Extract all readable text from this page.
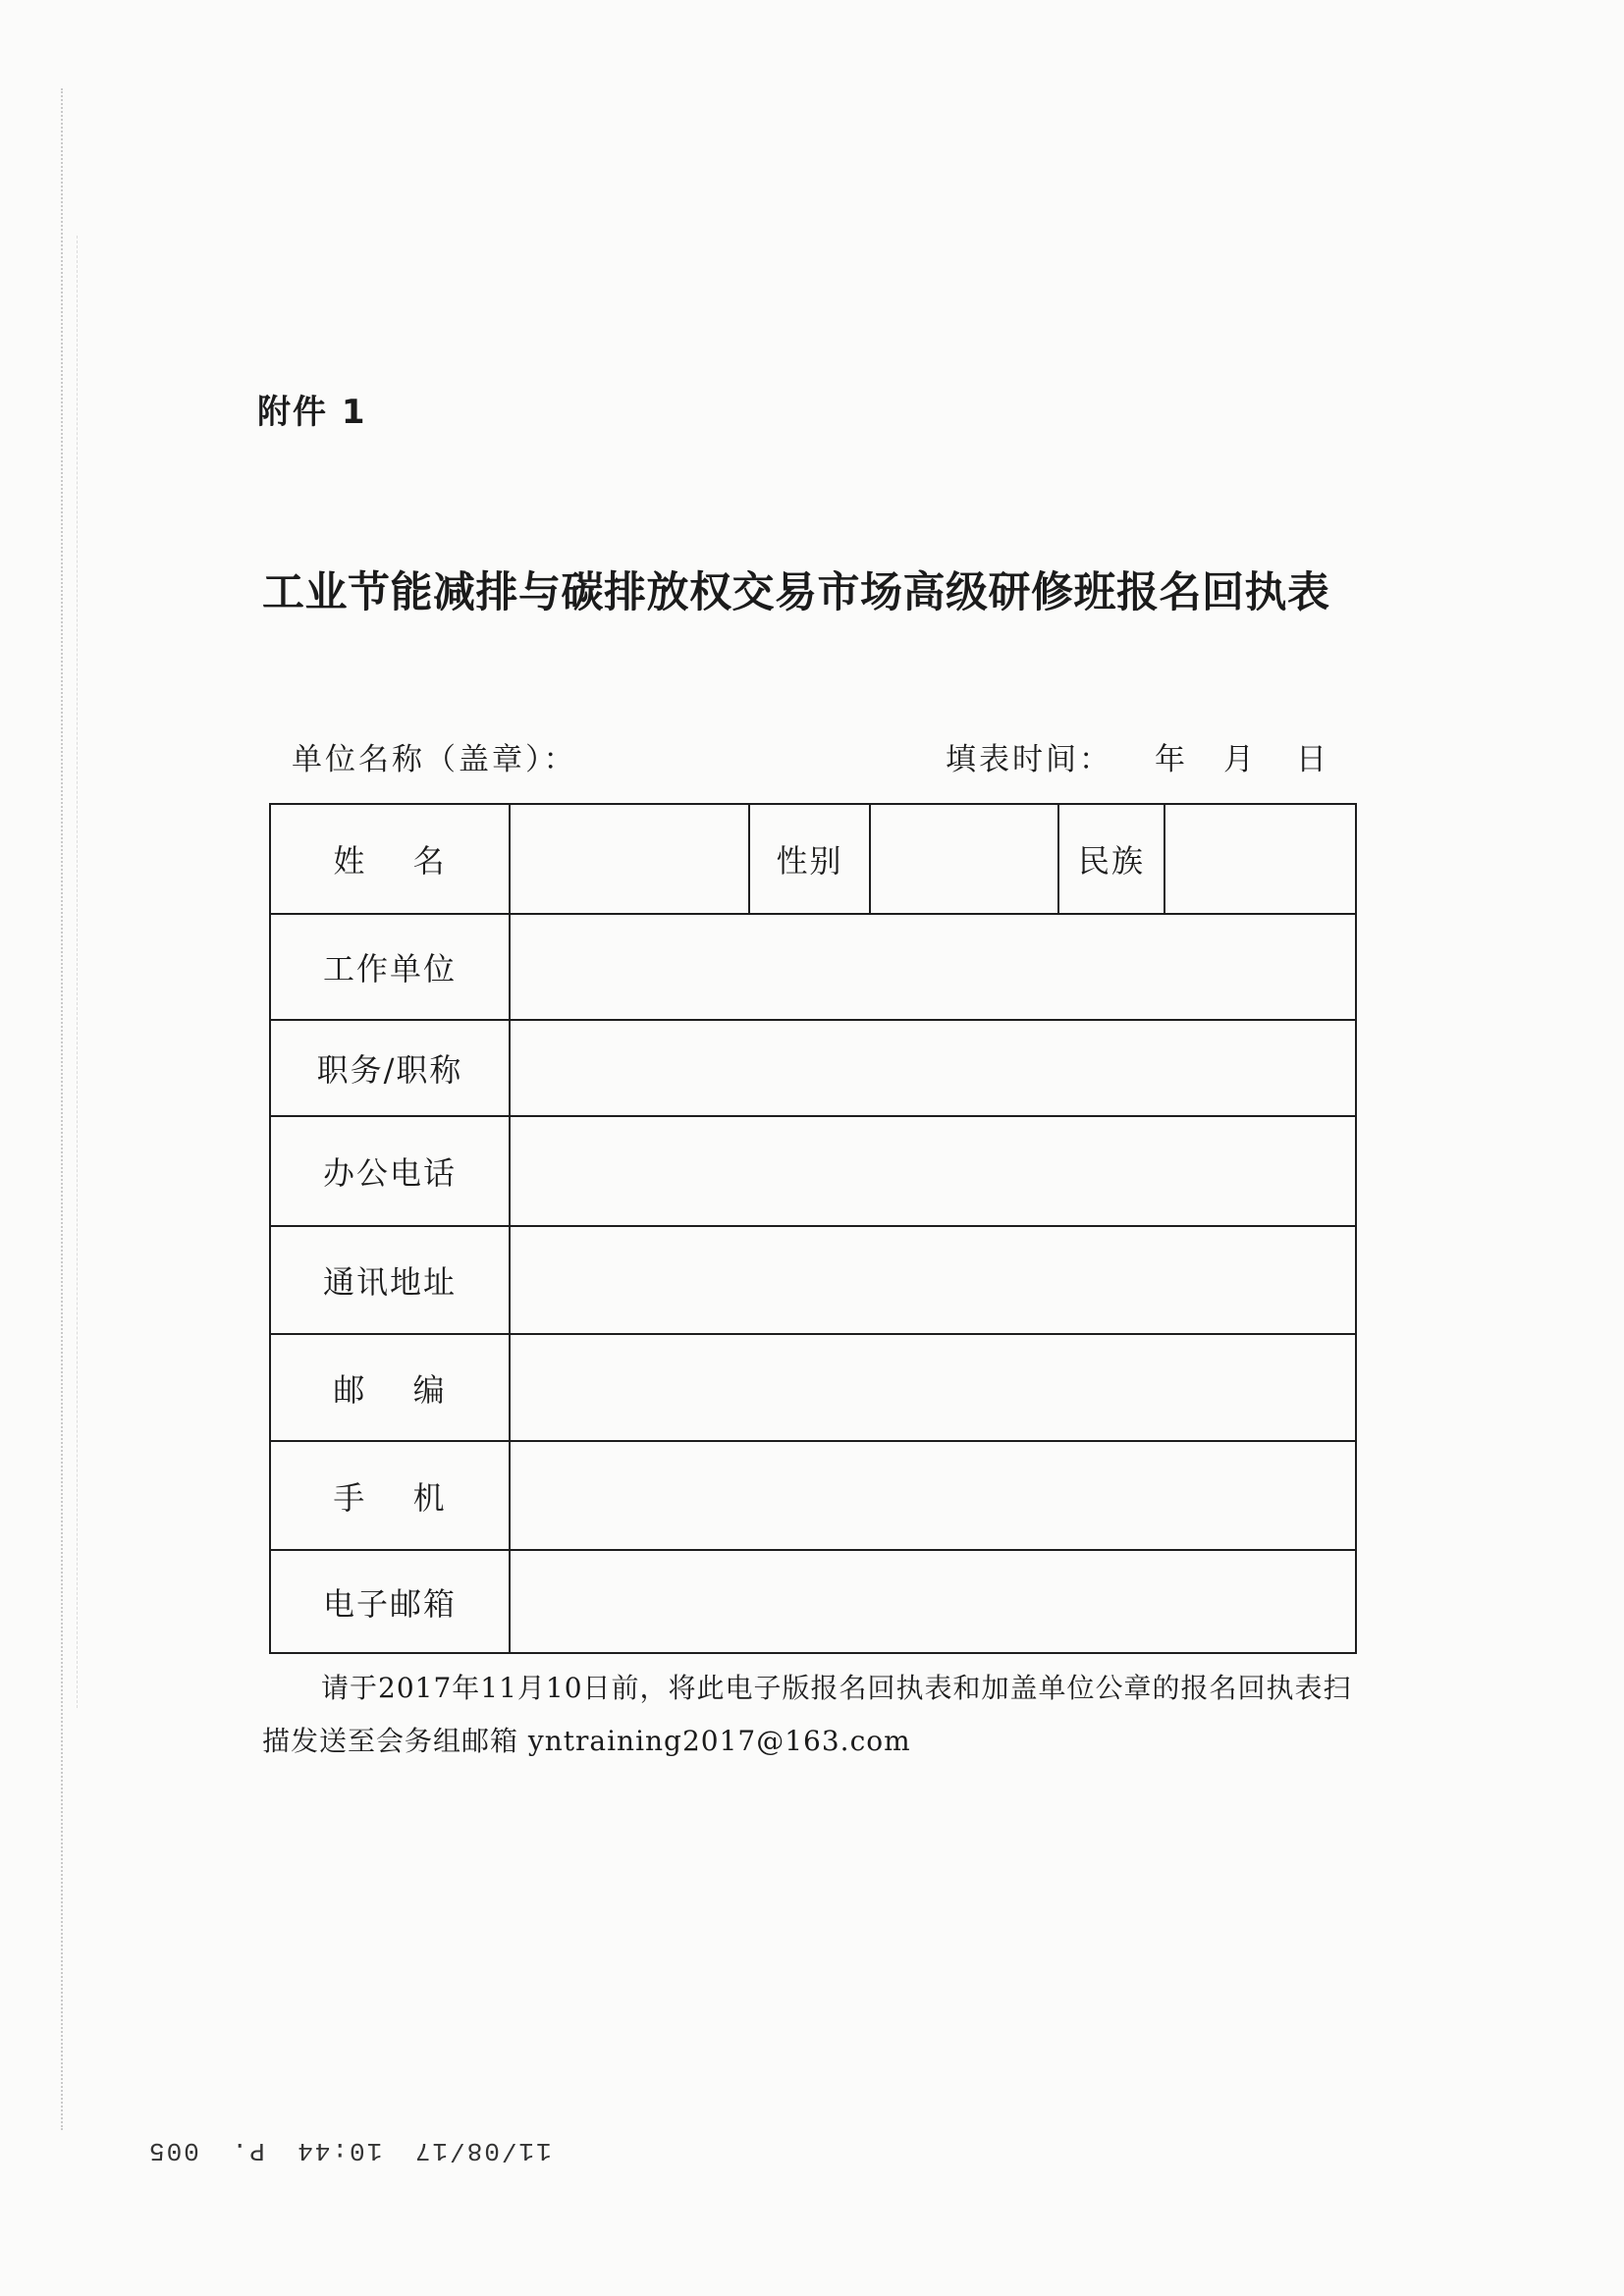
附件 1
工业节能减排与碳排放权交易市场高级研修班报名回执表
单位名称（盖章）：	填表时间： 年 月 日
姓 名		性别		民族	
工作单位					
职务/职称					
办公电话					
通讯地址					
邮 编					
手 机					
电子邮箱					
请于2017年11月10日前，将此电子版报名回执表和加盖单位公章的报名回执表扫
描发送至会务组邮箱 yntraining2017@163.com
11/08/17 10:44 P. 005
